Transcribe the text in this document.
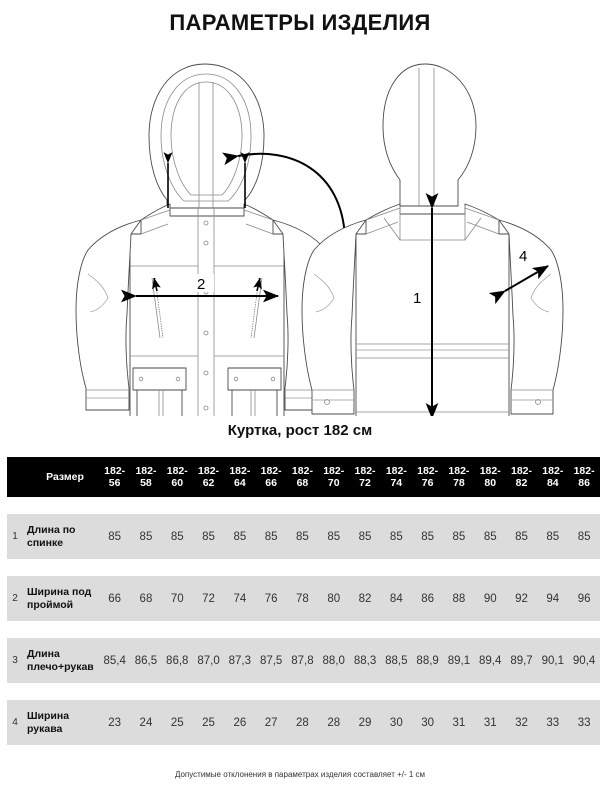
ПАРАМЕТРЫ ИЗДЕЛИЯ
2
1
4
Куртка, рост 182 см
	Размер	182-56	182-58	182-60	182-62	182-64	182-66	182-68	182-70	182-72	182-74	182-76	182-78	182-80	182-82	182-84	182-86

1	Длина по спинке	85	85	85	85	85	85	85	85	85	85	85	85	85	85	85	85

2	Ширина под проймой	66	68	70	72	74	76	78	80	82	84	86	88	90	92	94	96

3	Длина плечо+рукав	85,4	86,5	86,8	87,0	87,3	87,5	87,8	88,0	88,3	88,5	88,9	89,1	89,4	89,7	90,1	90,4

4	Ширина рукава	23	24	25	25	26	27	28	28	29	30	30	31	31	32	33	33
Допустимые отклонения в параметрах изделия составляет +/- 1 см
